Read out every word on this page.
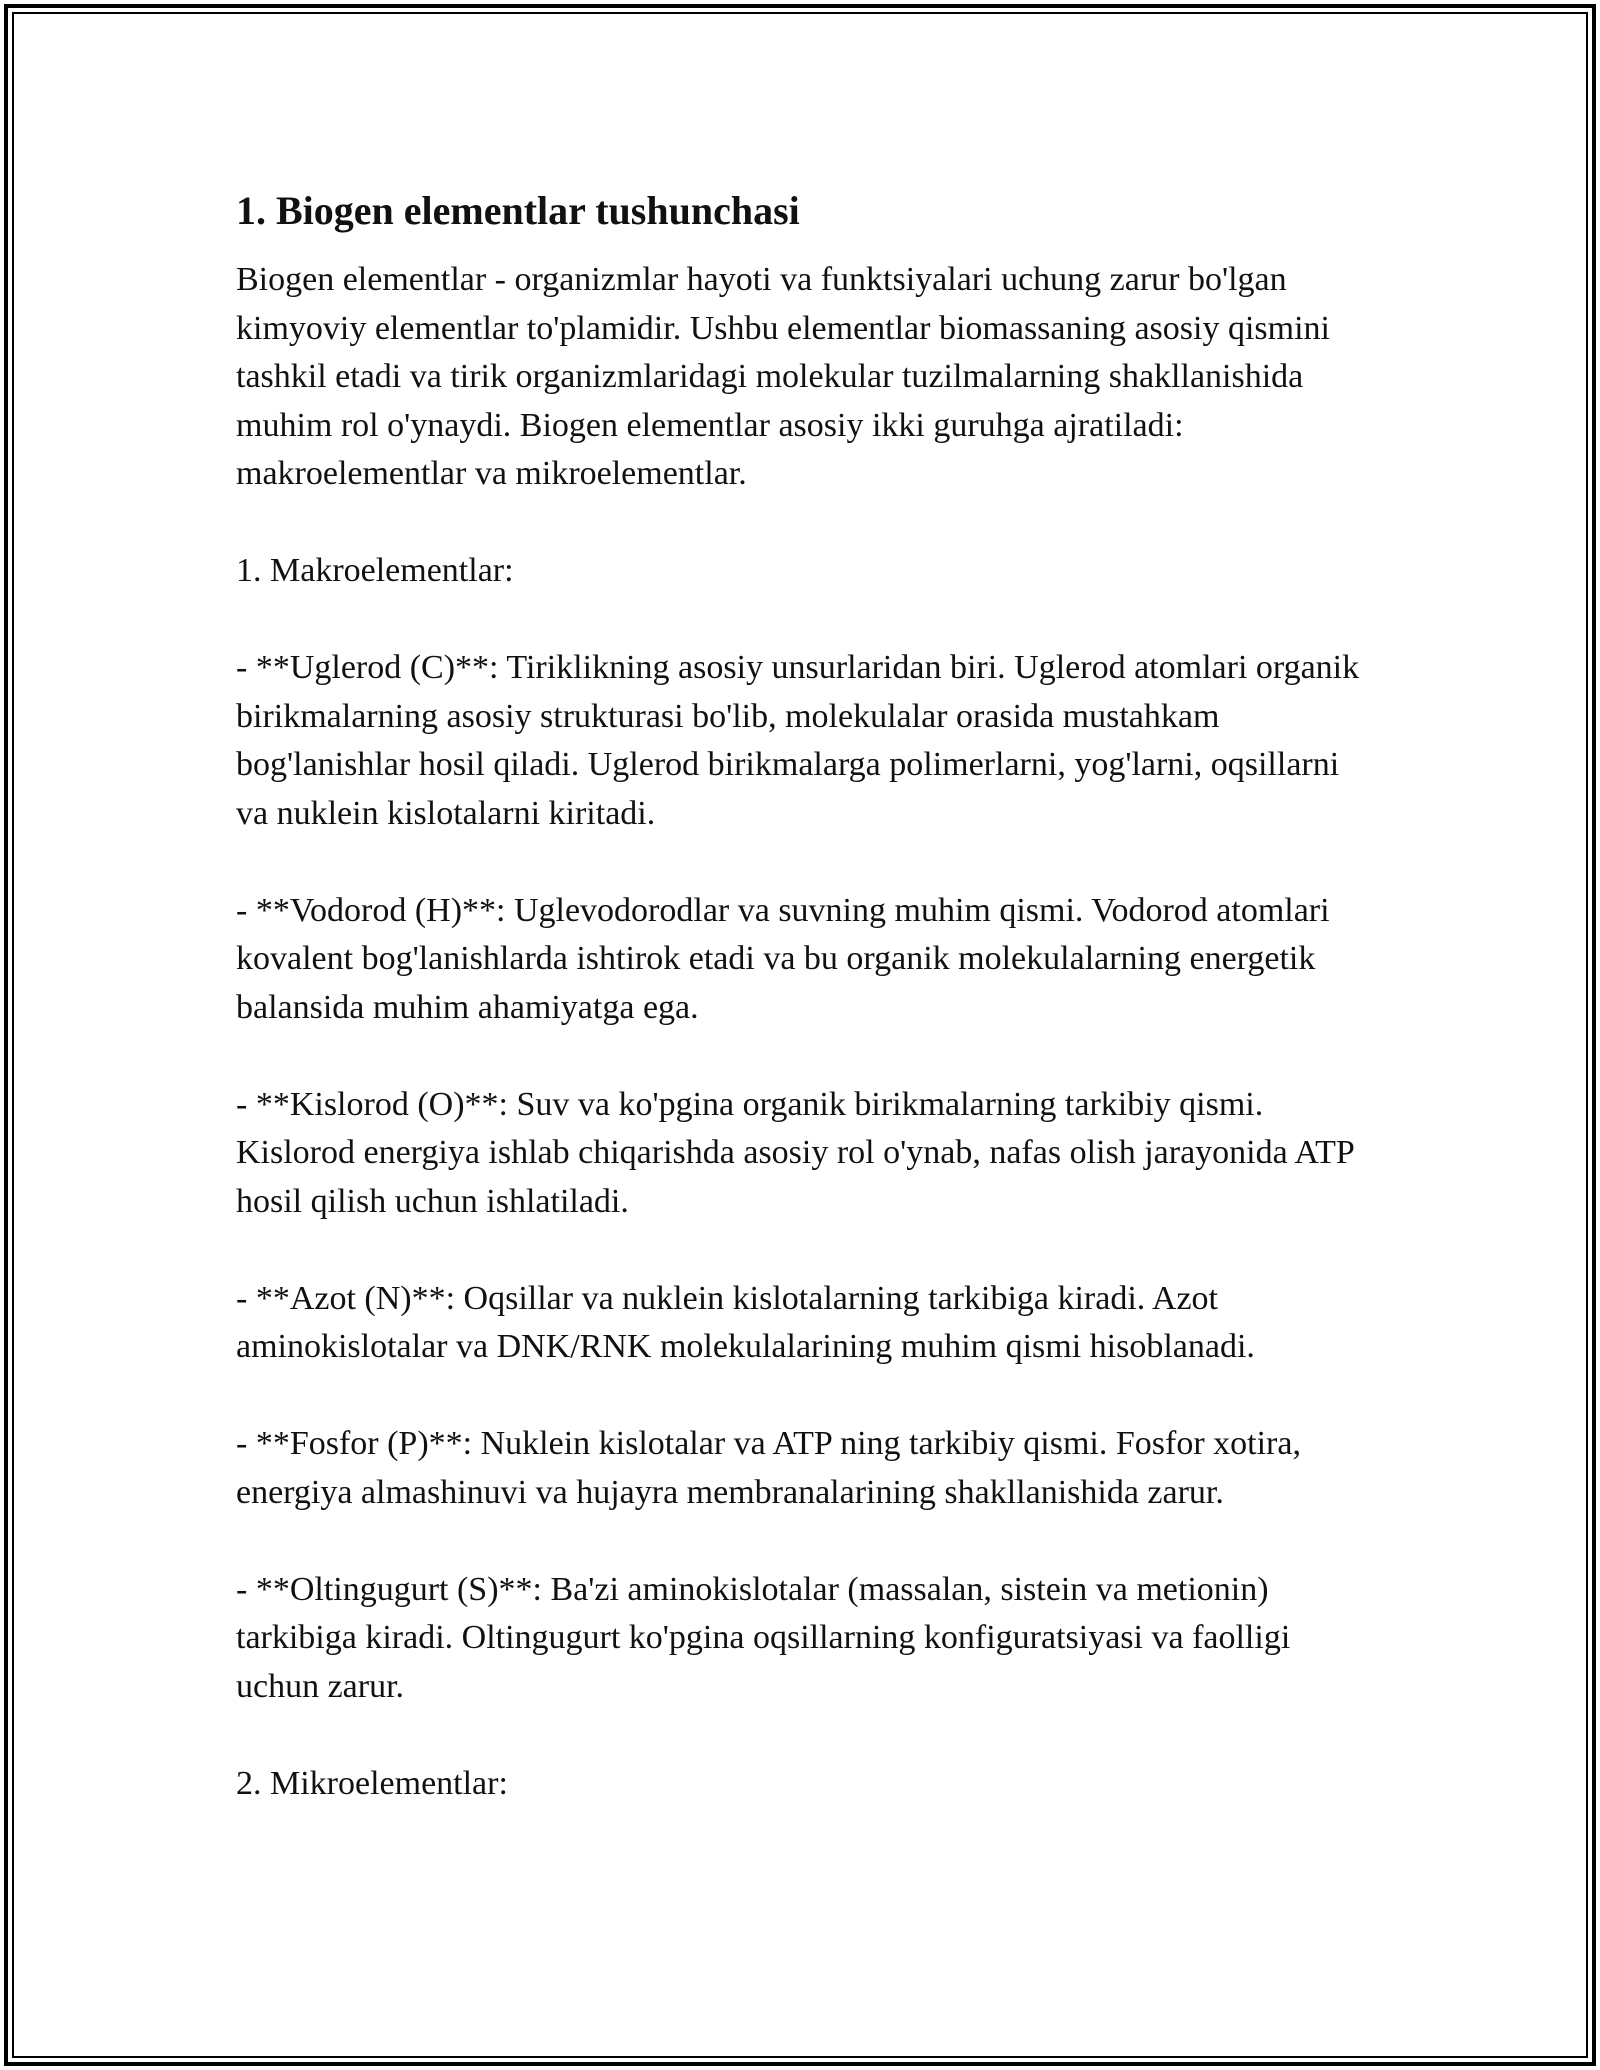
1. Biogen elementlar tushunchasi

Biogen elementlar - organizmlar hayoti va funktsiyalari uchung zarur bo'lgan kimyoviy elementlar to'plamidir. Ushbu elementlar biomassaning asosiy qismini tashkil etadi va tirik organizmlaridagi molekular tuzilmalarning shakllanishida muhim rol o'ynaydi. Biogen elementlar asosiy ikki guruhga ajratiladi: makroelementlar va mikroelementlar.

1. Makroelementlar:

- **Uglerod (C)**: Tiriklikning asosiy unsurlaridan biri. Uglerod atomlari organik birikmalarning asosiy strukturasi bo'lib, molekulalar orasida mustahkam bog'lanishlar hosil qiladi. Uglerod birikmalarga polimerlarni, yog'larni, oqsillarni va nuklein kislotalarni kiritadi.

- **Vodorod (H)**: Uglevodorodlar va suvning muhim qismi. Vodorod atomlari kovalent bog'lanishlarda ishtirok etadi va bu organik molekulalarning energetik balansida muhim ahamiyatga ega.

- **Kislorod (O)**: Suv va ko'pgina organik birikmalarning tarkibiy qismi. Kislorod energiya ishlab chiqarishda asosiy rol o'ynab, nafas olish jarayonida ATP hosil qilish uchun ishlatiladi.

- **Azot (N)**: Oqsillar va nuklein kislotalarning tarkibiga kiradi. Azot aminokislotalar va DNK/RNK molekulalarining muhim qismi hisoblanadi.

- **Fosfor (P)**: Nuklein kislotalar va ATP ning tarkibiy qismi. Fosfor xotira, energiya almashinuvi va hujayra membranalarining shakllanishida zarur.

- **Oltingugurt (S)**: Ba'zi aminokislotalar (massalan, sistein va metionin) tarkibiga kiradi. Oltingugurt ko'pgina oqsillarning konfiguratsiyasi va faolligi uchun zarur.

2. Mikroelementlar:
